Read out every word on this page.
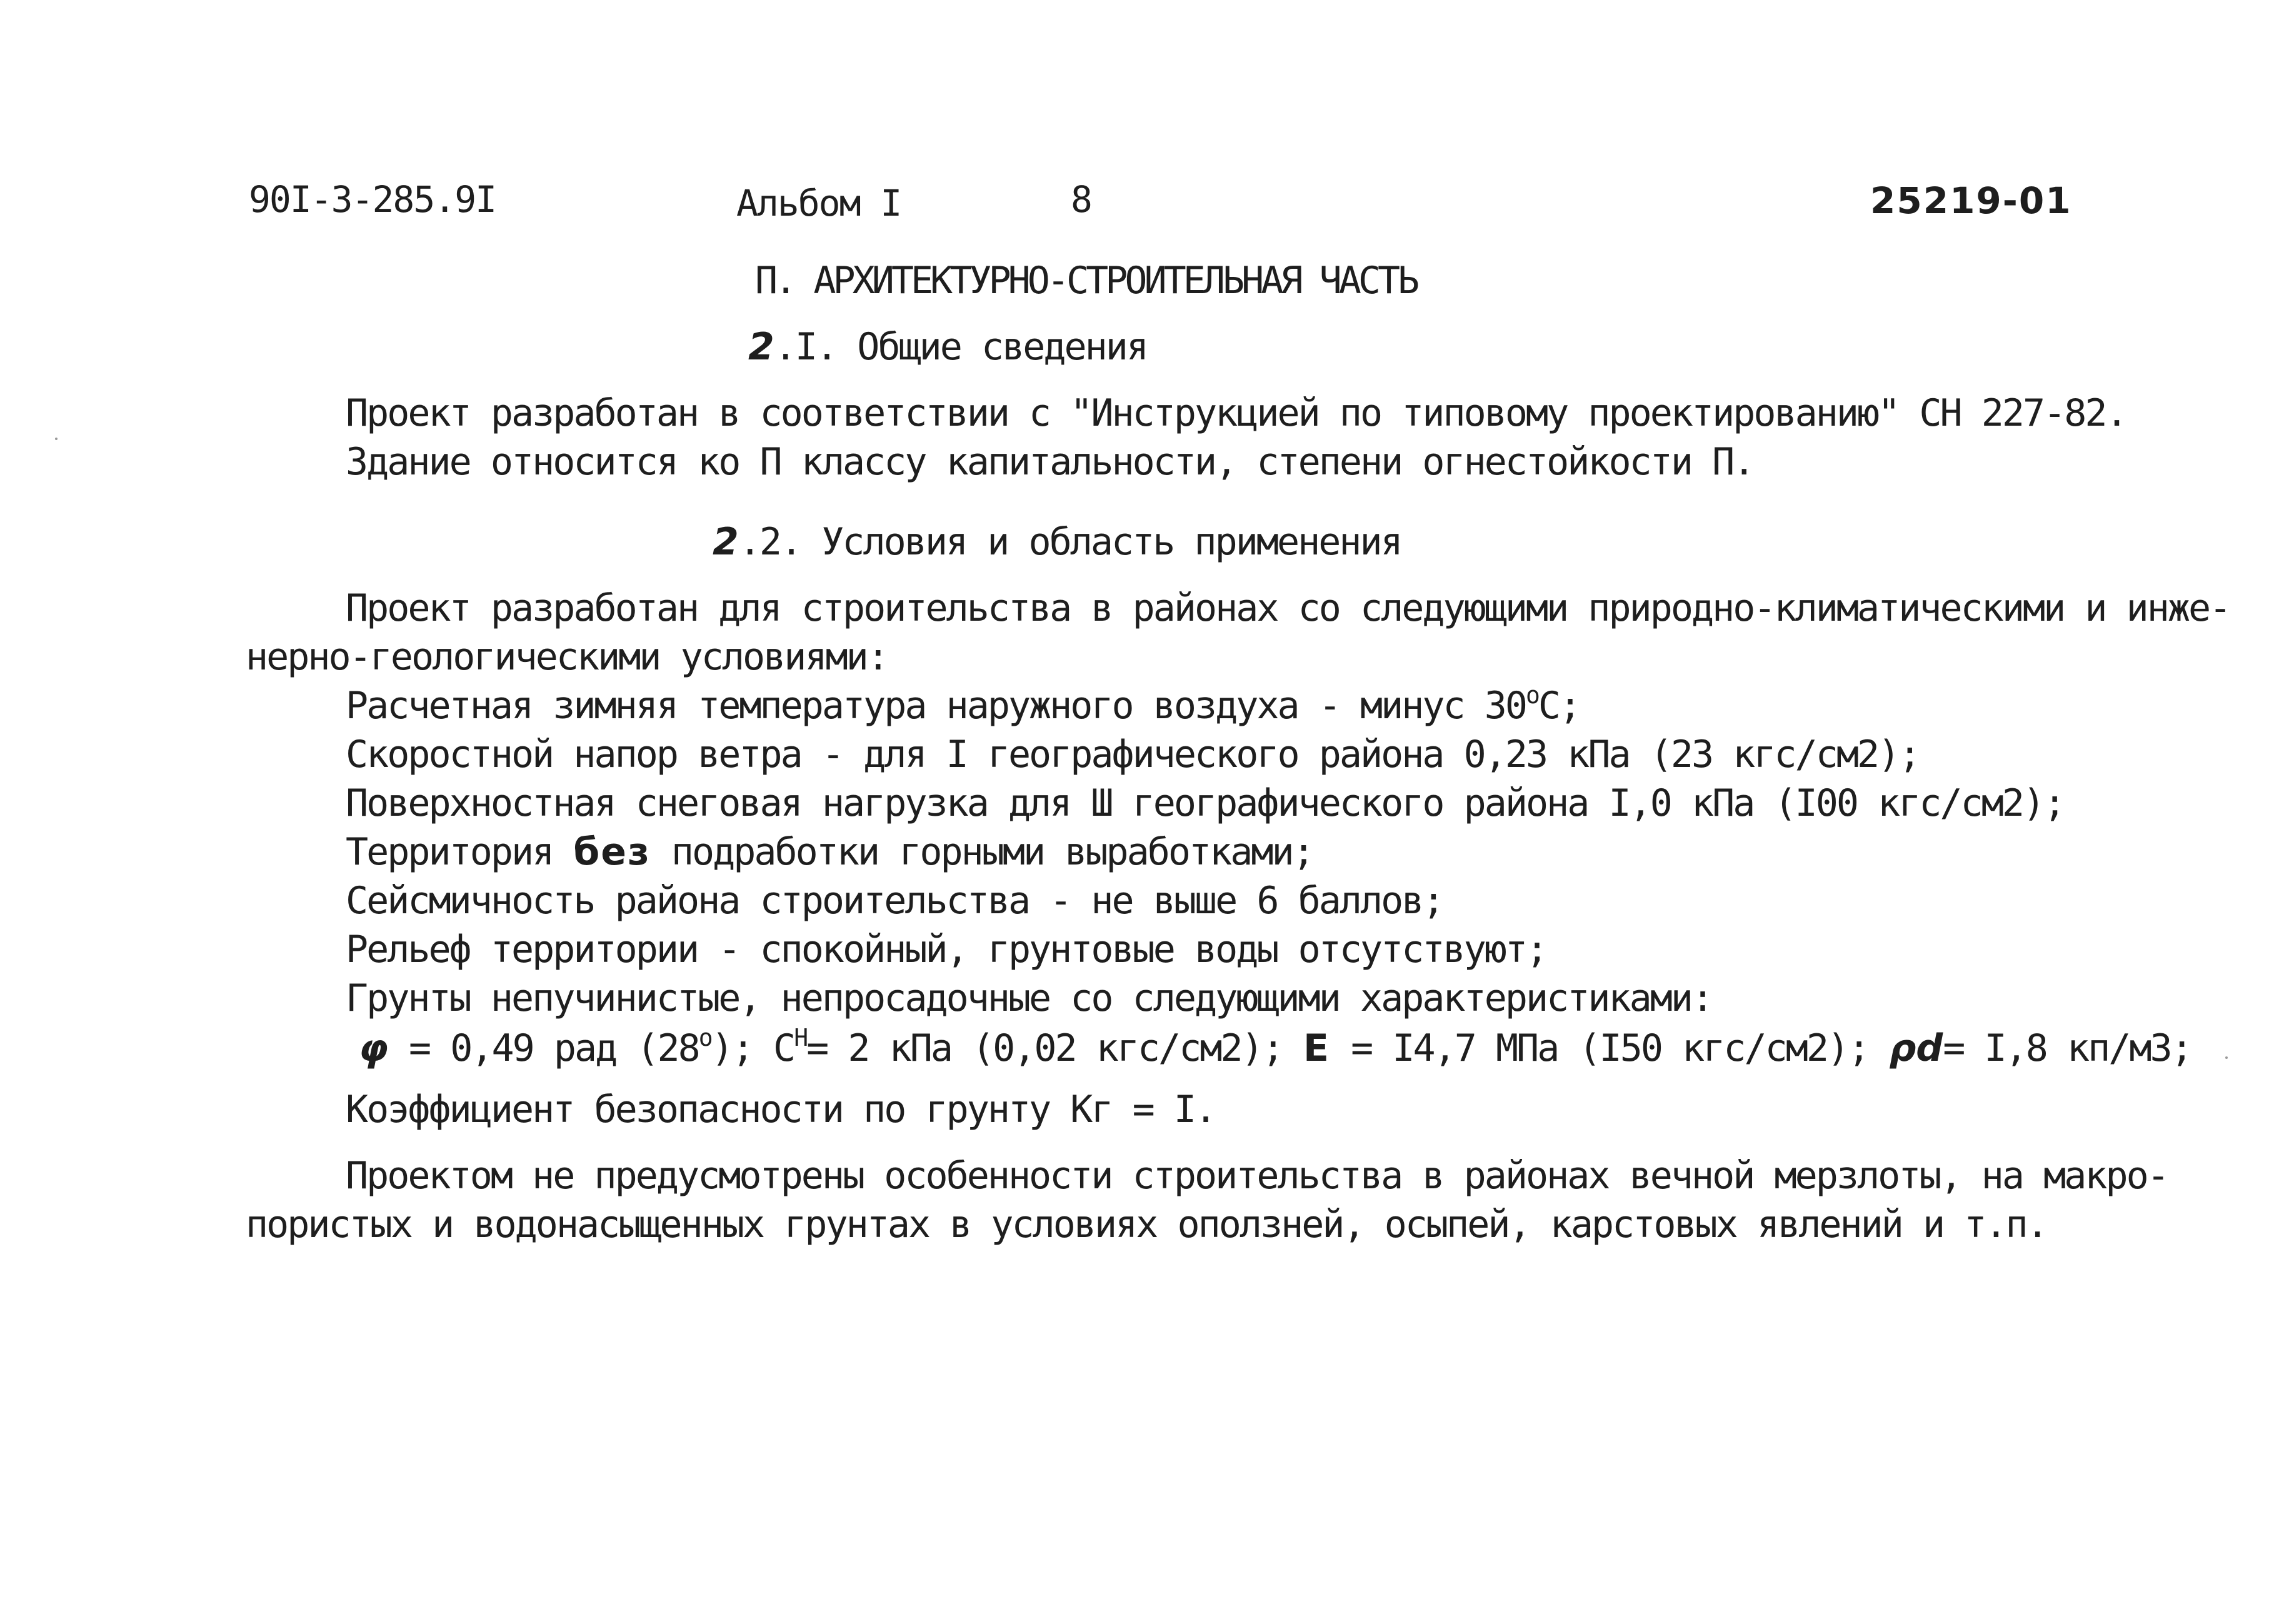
90I-3-285.9I	Альбом I	8	25219-01
П. АРХИТЕКТУРНО-СТРОИТЕЛЬНАЯ ЧАСТЬ
2.I. Общие сведения
Проект разработан в соответствии с "Инструкцией по типовому проектированию" СН 227-82.
Здание относится ко П классу капитальности, степени огнестойкости П.
2.2. Условия и область применения
Проект разработан для строительства в районах со следующими природно-климатическими и инже-
нерно-геологическими условиями:
Расчетная зимняя температура наружного воздуха - минус $30^оС$;
Скоростной напор ветра - для I географического района 0,23 кПа (23 кгс/см2);
Поверхностная снеговая нагрузка для Ш географического района I,0 кПа (I00 кгс/см2);
Территория без подработки горными выработками;
Сейсмичность района строительства - не выше 6 баллов;
Рельеф территории - спокойный, грунтовые воды отсутствуют;
Грунты непучинистые, непросадочные со следующими характеристиками:
φ = 0,49 рад $(28^о)$; $С^Н= 2$ кПа (0,02 кгс/см2); E = I4,7 МПа (I50 кгс/см2); ρd= I,8 кп/м3;
Коэффициент безопасности по грунту Кг = I.
Проектом не предусмотрены особенности строительства в районах вечной мерзлоты, на макро-
пористых и водонасыщенных грунтах в условиях оползней, осыпей, карстовых явлений и т.п.
